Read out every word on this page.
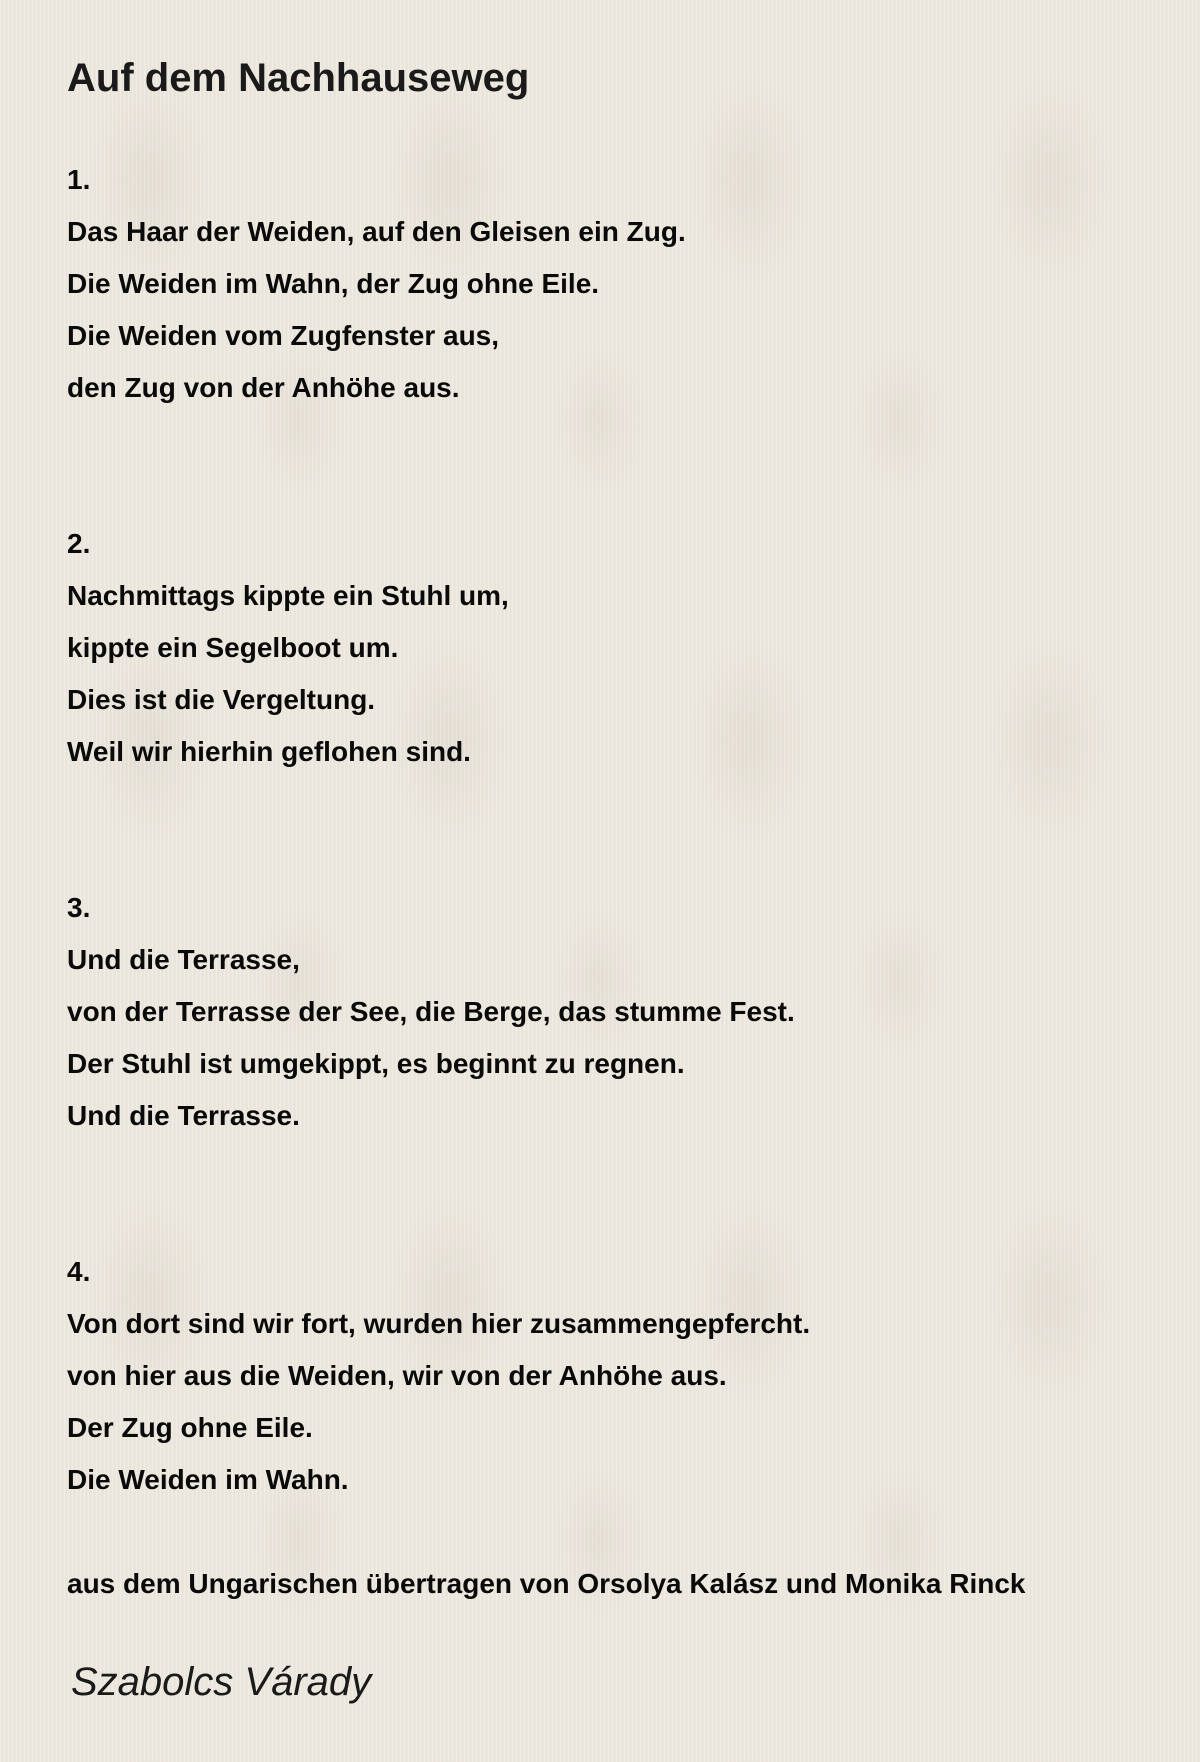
Auf dem Nachhauseweg
1.
Das Haar der Weiden, auf den Gleisen ein Zug.
Die Weiden im Wahn, der Zug ohne Eile.
Die Weiden vom Zugfenster aus,
den Zug von der Anhöhe aus.
2.
Nachmittags kippte ein Stuhl um,
kippte ein Segelboot um.
Dies ist die Vergeltung.
Weil wir hierhin geflohen sind.
3.
Und die Terrasse,
von der Terrasse der See, die Berge, das stumme Fest.
Der Stuhl ist umgekippt, es beginnt zu regnen.
Und die Terrasse.
4.
Von dort sind wir fort, wurden hier zusammengepfercht.
von hier aus die Weiden, wir von der Anhöhe aus.
Der Zug ohne Eile.
Die Weiden im Wahn.
aus dem Ungarischen übertragen von Orsolya Kalász und Monika Rinck
Szabolcs Várady
